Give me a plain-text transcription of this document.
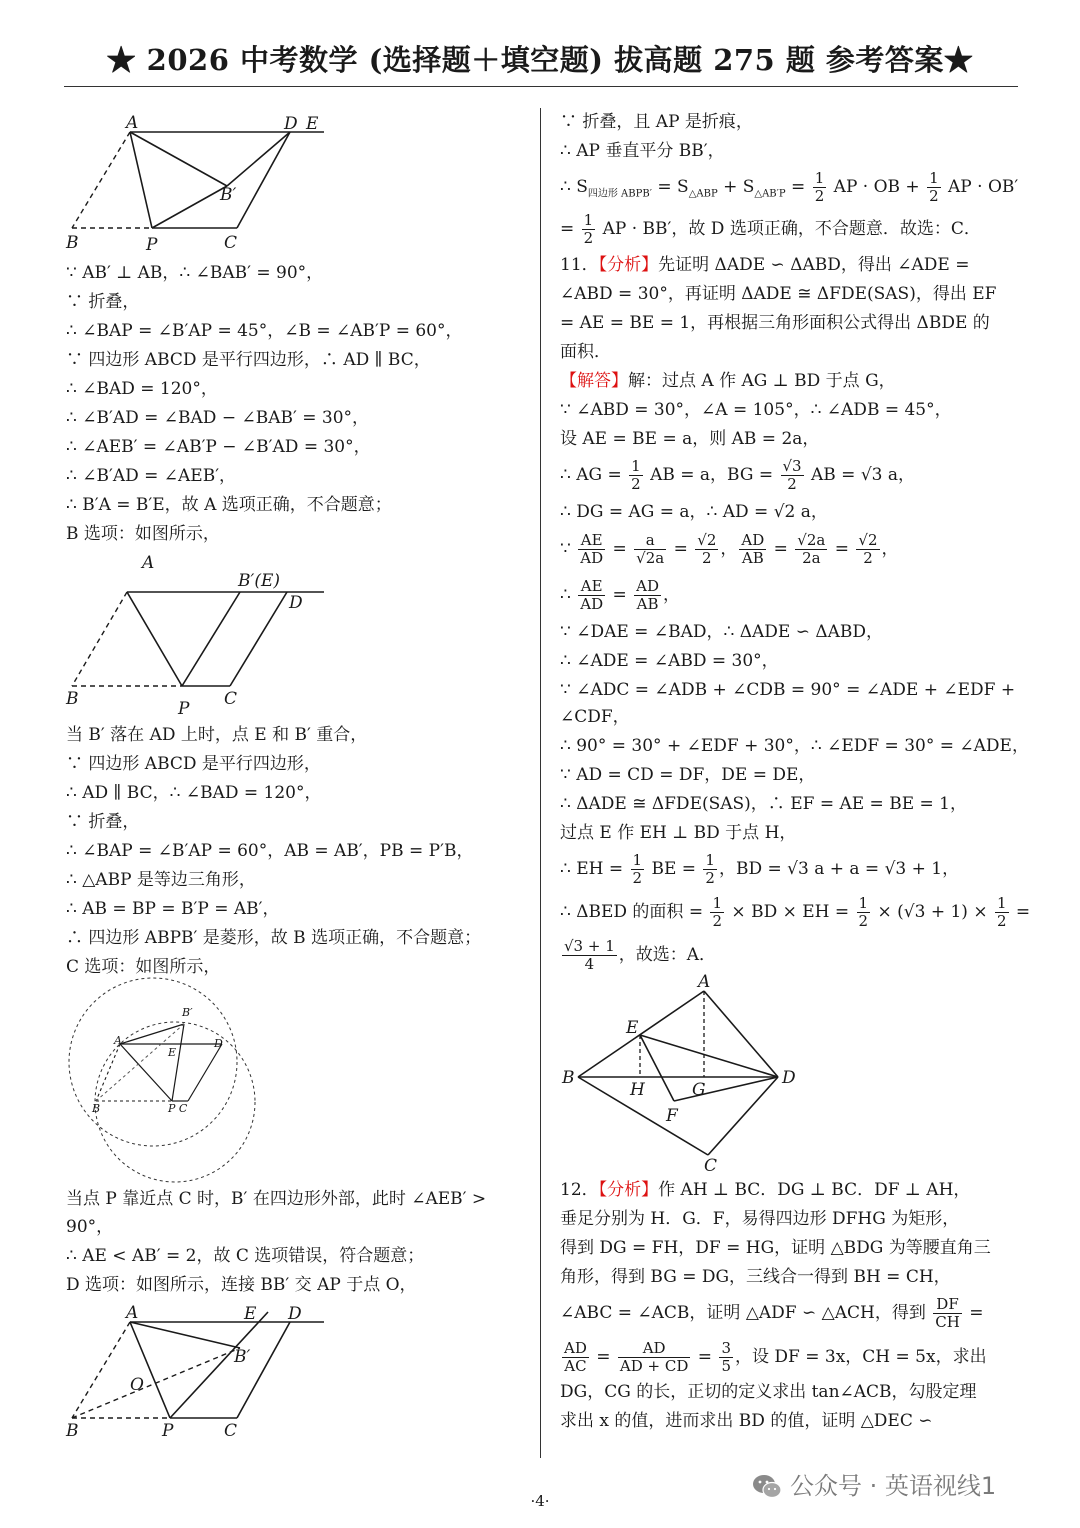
★ 2026 中考数学 (选择题＋填空题) 拔高题 275 题 参考答案★
A	D E
B′
B	P	C
∵ AB′ ⊥ AB，∴ ∠BAB′ = 90°，
∵ 折叠，
∴ ∠BAP = ∠B′AP = 45°，∠B = ∠AB′P = 60°，
∵ 四边形 ABCD 是平行四边形，∴ AD ∥ BC，
∴ ∠BAD = 120°，
∴ ∠B′AD = ∠BAD − ∠BAB′ = 30°，
∴ ∠AEB′ = ∠AB′P − ∠B′AD = 30°，
∴ ∠B′AD = ∠AEB′，
∴ B′A = B′E，故 A 选项正确，不合题意；
B 选项：如图所示，
A
B′(E)
D
B	P C
当 B′ 落在 AD 上时，点 E 和 B′ 重合，
∵ 四边形 ABCD 是平行四边形，
∴ AD ∥ BC，∴ ∠BAD = 120°，
∵ 折叠，
∴ ∠BAP = ∠B′AP = 60°，AB = AB′，PB = P′B，
∴ △ABP 是等边三角形，
∴ AB = BP = B′P = AB′，
∴ 四边形 ABPB′ 是菱形，故 B 选项正确，不合题意；
C 选项：如图所示，
B′
A	D
E
B	P C
当点 P 靠近点 C 时，B′ 在四边形外部，此时 ∠AEB′ >
90°，
∴ AE < AB′ = 2，故 C 选项错误，符合题意；
D 选项：如图所示，连接 BB′ 交 AP 于点 O，
A	E D
B′
O
B	P	C
∵ 折叠，且 AP 是折痕，
∴ AP 垂直平分 BB′，
∴ $S_{四边形 ABPB'} = S_{\triangle ABP} + S_{\triangle AB'P} = \frac{1}{2}$ AP · OB + $\frac{1}{2}$ AP · OB′
= $\frac{1}{2}$ AP · BB′，故 D 选项正确，不合题意．故选：C．
11．【分析】先证明 ΔADE ∽ ΔABD，得出 ∠ADE =
∠ABD = 30°，再证明 ΔADE ≅ ΔFDE(SAS)，得出 EF
= AE = BE = 1，再根据三角形面积公式得出 ΔBDE 的
面积．
【解答】解：过点 A 作 AG ⊥ BD 于点 G，
∵ ∠ABD = 30°，∠A = 105°，∴ ∠ADB = 45°，
设 AE = BE = a，则 AB = 2a，
∴ AG = $\frac{1}{2}$ AB = a，BG = $\frac{√3}{2}$ AB = √3 a，
∴ DG = AG = a，∴ AD = √2 a，
∵ $\frac{AE}{AD} = \frac{a}{√2a} = \frac{√2}{2}$ ， $\frac{AD}{AB} = \frac{√2a}{2a} = \frac{√2}{2}$ ，
∴ $\frac{AE}{AD} = \frac{AD}{AB}$ ，
∵ ∠DAE = ∠BAD，∴ ΔADE ∽ ΔABD，
∴ ∠ADE = ∠ABD = 30°，
∵ ∠ADC = ∠ADB + ∠CDB = 90° = ∠ADE + ∠EDF +
∠CDF，
∴ 90° = 30° + ∠EDF + 30°，∴ ∠EDF = 30° = ∠ADE，
∵ AD = CD = DF，DE = DE，
∴ ΔADE ≅ ΔFDE(SAS)，∴ EF = AE = BE = 1，
过点 E 作 EH ⊥ BD 于点 H，
∴ EH = $\frac{1}{2}$ BE = $\frac{1}{2}$ ，BD = √3 a + a = √3 + 1，
∴ ΔBED 的面积 = $\frac{1}{2}$ × BD × EH = $\frac{1}{2} \times (√3 + 1) \times \frac{1}{2}$ =
$\frac{√3 + 1}{4}$ ，故选：A．
A
E
B
H	G
D
F
C
12．【分析】作 AH ⊥ BC．DG ⊥ BC．DF ⊥ AH，
垂足分别为 H．G．F，易得四边形 DFHG 为矩形，
得到 DG = FH，DF = HG，证明 △BDG 为等腰直角三
角形，得到 BG = DG，三线合一得到 BH = CH，
∠ABC = ∠ACB，证明 △ADF ∽ △ACH，得到 $\frac{DF}{CH}$ =
$\frac{AD}{AC} = \frac{AD}{AD + CD} = \frac{3}{5}$ ，设 DF = 3x，CH = 5x，求出
DG，CG 的长，正切的定义求出 tan∠ACB，勾股定理
求出 x 的值，进而求出 BD 的值，证明 △DEC ∽
·4·
公众号 · 英语视线1
